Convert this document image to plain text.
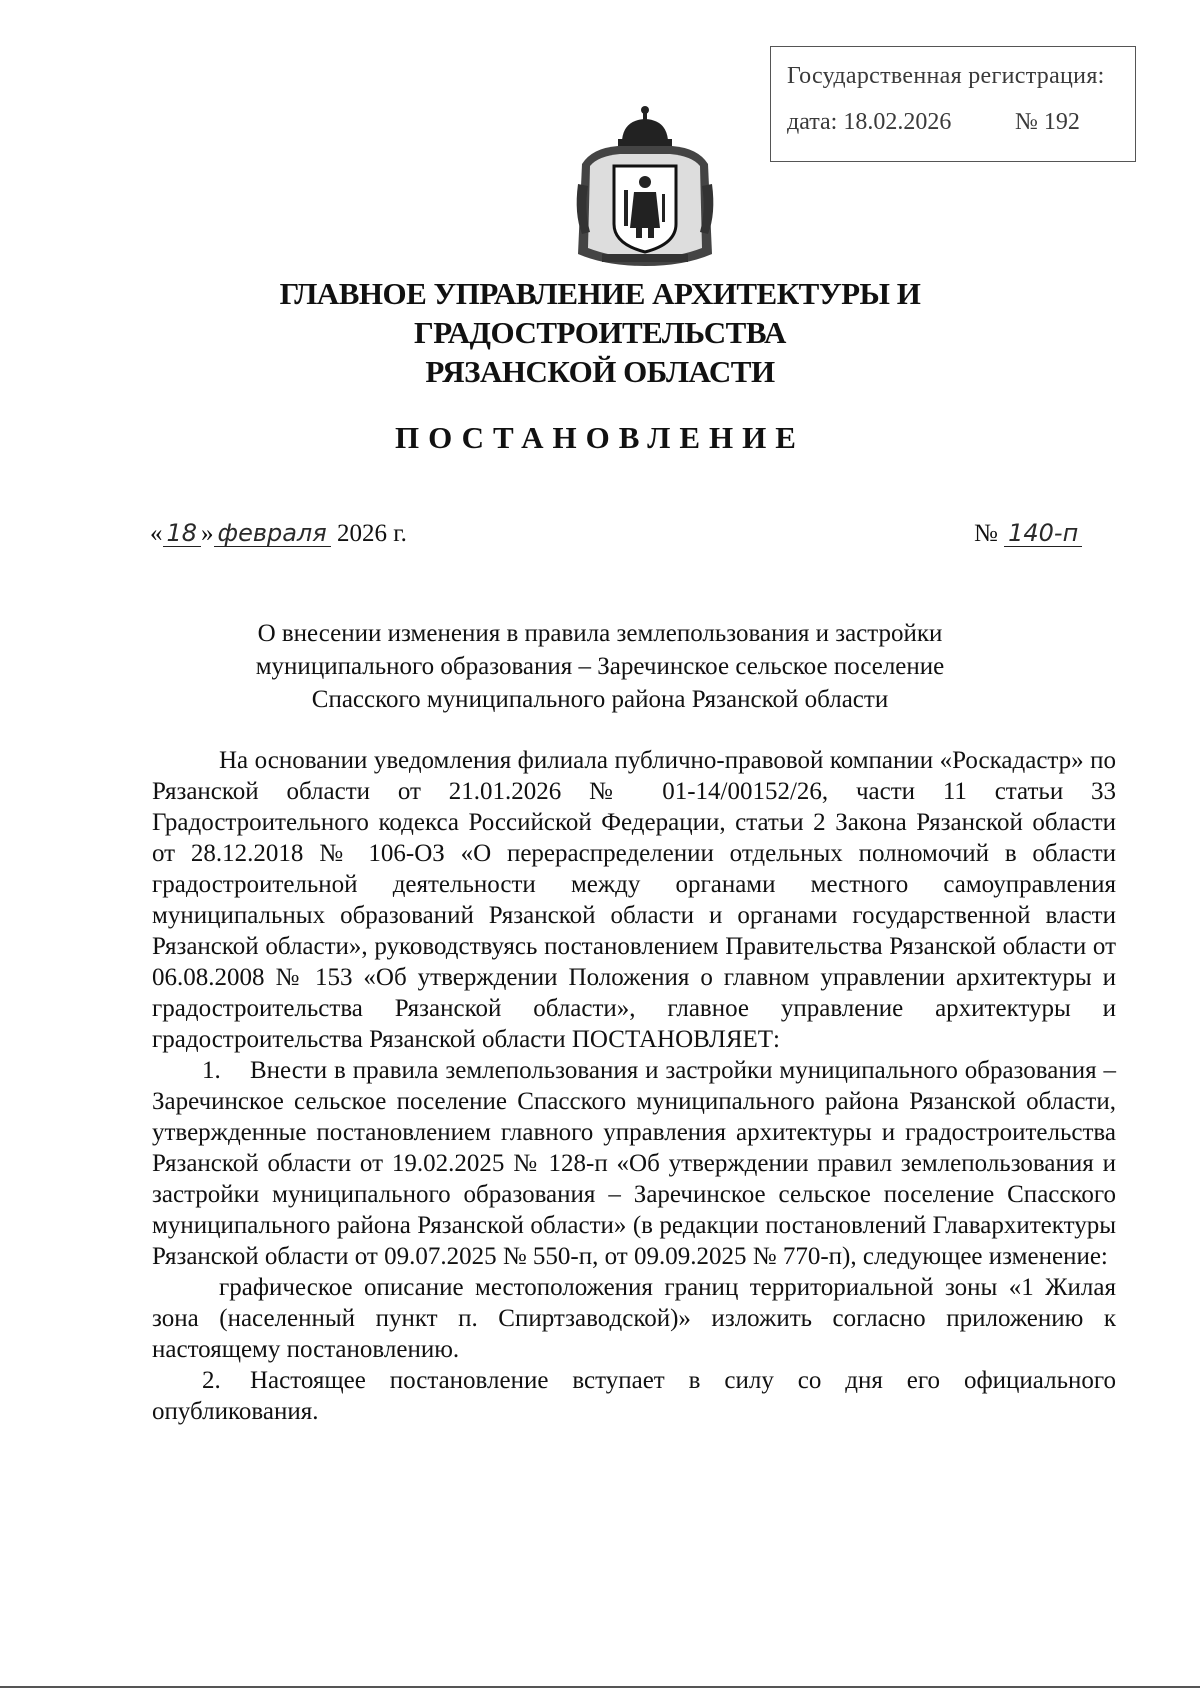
Государственная регистрация:
дата: 18.02.2026	№ 192
ГЛАВНОЕ УПРАВЛЕНИЕ АРХИТЕКТУРЫ И ГРАДОСТРОИТЕЛЬСТВА
РЯЗАНСКОЙ ОБЛАСТИ
ПОСТАНОВЛЕНИЕ
« 18 » февраля 2026 г.	№ 140-п
О внесении изменения в правила землепользования и застройки
муниципального образования – Заречинское сельское поселение
Спасского муниципального района Рязанской области

На основании уведомления филиала публично-правовой компании «Роскадастр» по Рязанской области от 21.01.2026 № 01-14/00152/26, части 11 статьи 33 Градостроительного кодекса Российской Федерации, статьи 2 Закона Рязанской области от 28.12.2018 № 106-ОЗ «О перераспределении отдельных полномочий в области градостроительной деятельности между органами местного самоуправления муниципальных образований Рязанской области и органами государственной власти Рязанской области», руководствуясь постановлением Правительства Рязанской области от 06.08.2008 № 153 «Об утверждении Положения о главном управлении архитектуры и градостроительства Рязанской области», главное управление архитектуры и градостроительства Рязанской области ПОСТАНОВЛЯЕТ:

1. Внести в правила землепользования и застройки муниципального образования – Заречинское сельское поселение Спасского муниципального района Рязанской области, утвержденные постановлением главного управления архитектуры и градостроительства Рязанской области от 19.02.2025 № 128-п «Об утверждении правил землепользования и застройки муниципального образования – Заречинское сельское поселение Спасского муниципального района Рязанской области» (в редакции постановлений Главархитектуры Рязанской области от 09.07.2025 № 550-п, от 09.09.2025 № 770-п), следующее изменение:

графическое описание местоположения границ территориальной зоны «1 Жилая зона (населенный пункт п. Спиртзаводской)» изложить согласно приложению к настоящему постановлению.

2. Настоящее постановление вступает в силу со дня его официального опубликования.
